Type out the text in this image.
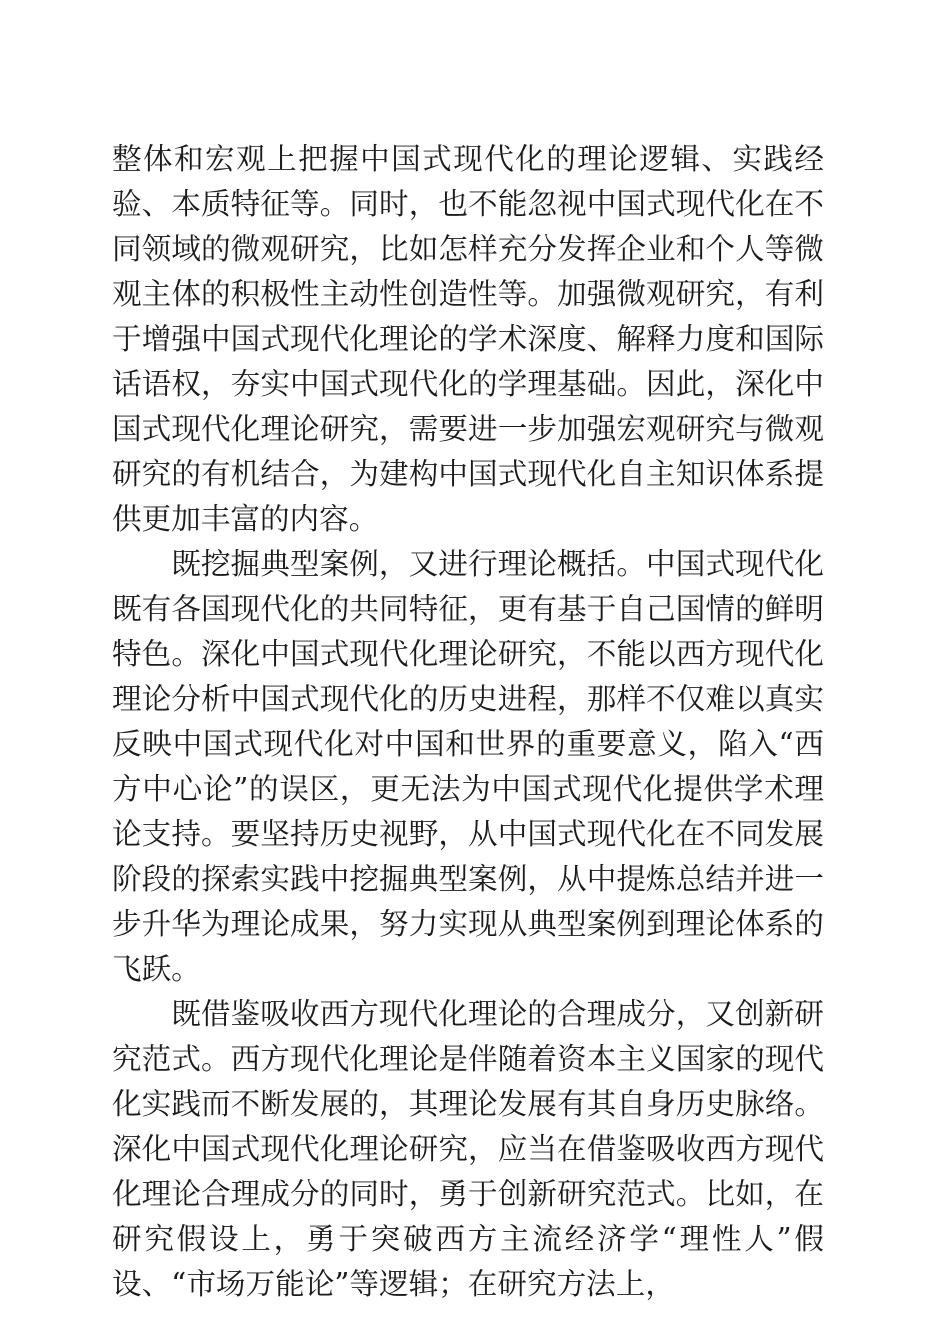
整体和宏观上把握中国式现代化的理论逻辑、实践经验、本质特征等。同时，也不能忽视中国式现代化在不同领域的微观研究，比如怎样充分发挥企业和个人等微观主体的积极性主动性创造性等。加强微观研究，有利于增强中国式现代化理论的学术深度、解释力度和国际话语权，夯实中国式现代化的学理基础。因此，深化中国式现代化理论研究，需要进一步加强宏观研究与微观研究的有机结合，为建构中国式现代化自主知识体系提供更加丰富的内容。

既挖掘典型案例，又进行理论概括。中国式现代化既有各国现代化的共同特征，更有基于自己国情的鲜明特色。深化中国式现代化理论研究，不能以西方现代化理论分析中国式现代化的历史进程，那样不仅难以真实反映中国式现代化对中国和世界的重要意义，陷入“西方中心论”的误区，更无法为中国式现代化提供学术理论支持。要坚持历史视野，从中国式现代化在不同发展阶段的探索实践中挖掘典型案例，从中提炼总结并进一步升华为理论成果，努力实现从典型案例到理论体系的飞跃。

既借鉴吸收西方现代化理论的合理成分，又创新研究范式。西方现代化理论是伴随着资本主义国家的现代化实践而不断发展的，其理论发展有其自身历史脉络。深化中国式现代化理论研究，应当在借鉴吸收西方现代化理论合理成分的同时，勇于创新研究范式。比如，在研究假设上，勇于突破西方主流经济学“理性人”假设、“市场万能论”等逻辑；在研究方法上，
